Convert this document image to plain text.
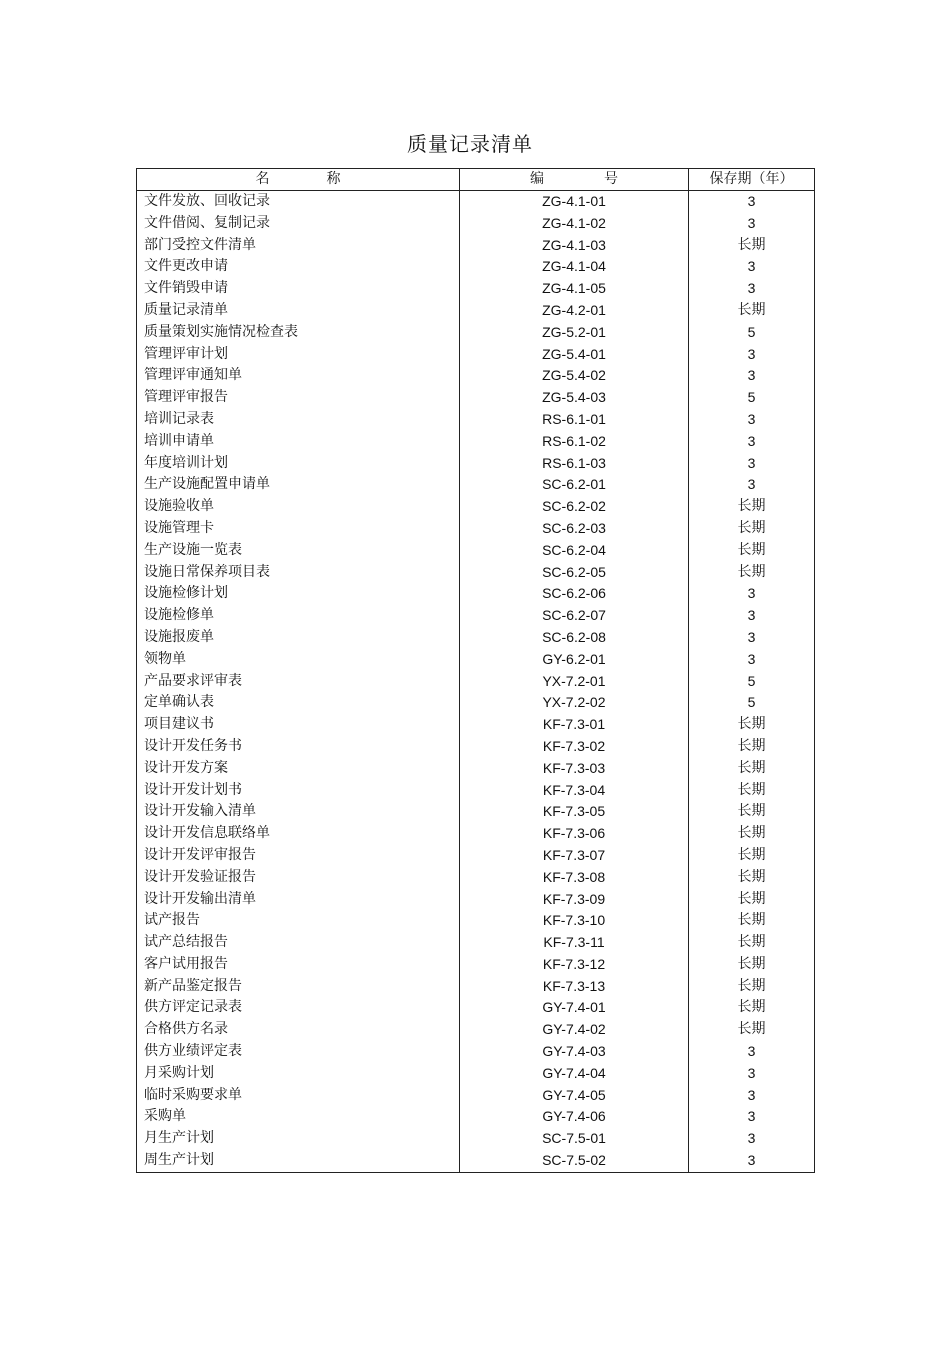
质量记录清单
名 称	编 号	保存期（年）
文件发放、回收记录	ZG-4.1-01	3
文件借阅、复制记录	ZG-4.1-02	3
部门受控文件清单	ZG-4.1-03	长期
文件更改申请	ZG-4.1-04	3
文件销毁申请	ZG-4.1-05	3
质量记录清单	ZG-4.2-01	长期
质量策划实施情况检查表	ZG-5.2-01	5
管理评审计划	ZG-5.4-01	3
管理评审通知单	ZG-5.4-02	3
管理评审报告	ZG-5.4-03	5
培训记录表	RS-6.1-01	3
培训申请单	RS-6.1-02	3
年度培训计划	RS-6.1-03	3
生产设施配置申请单	SC-6.2-01	3
设施验收单	SC-6.2-02	长期
设施管理卡	SC-6.2-03	长期
生产设施一览表	SC-6.2-04	长期
设施日常保养项目表	SC-6.2-05	长期
设施检修计划	SC-6.2-06	3
设施检修单	SC-6.2-07	3
设施报废单	SC-6.2-08	3
领物单	GY-6.2-01	3
产品要求评审表	YX-7.2-01	5
定单确认表	YX-7.2-02	5
项目建议书	KF-7.3-01	长期
设计开发任务书	KF-7.3-02	长期
设计开发方案	KF-7.3-03	长期
设计开发计划书	KF-7.3-04	长期
设计开发输入清单	KF-7.3-05	长期
设计开发信息联络单	KF-7.3-06	长期
设计开发评审报告	KF-7.3-07	长期
设计开发验证报告	KF-7.3-08	长期
设计开发输出清单	KF-7.3-09	长期
试产报告	KF-7.3-10	长期
试产总结报告	KF-7.3-11	长期
客户试用报告	KF-7.3-12	长期
新产品鉴定报告	KF-7.3-13	长期
供方评定记录表	GY-7.4-01	长期
合格供方名录	GY-7.4-02	长期
供方业绩评定表	GY-7.4-03	3
月采购计划	GY-7.4-04	3
临时采购要求单	GY-7.4-05	3
采购单	GY-7.4-06	3
月生产计划	SC-7.5-01	3
周生产计划	SC-7.5-02	3
